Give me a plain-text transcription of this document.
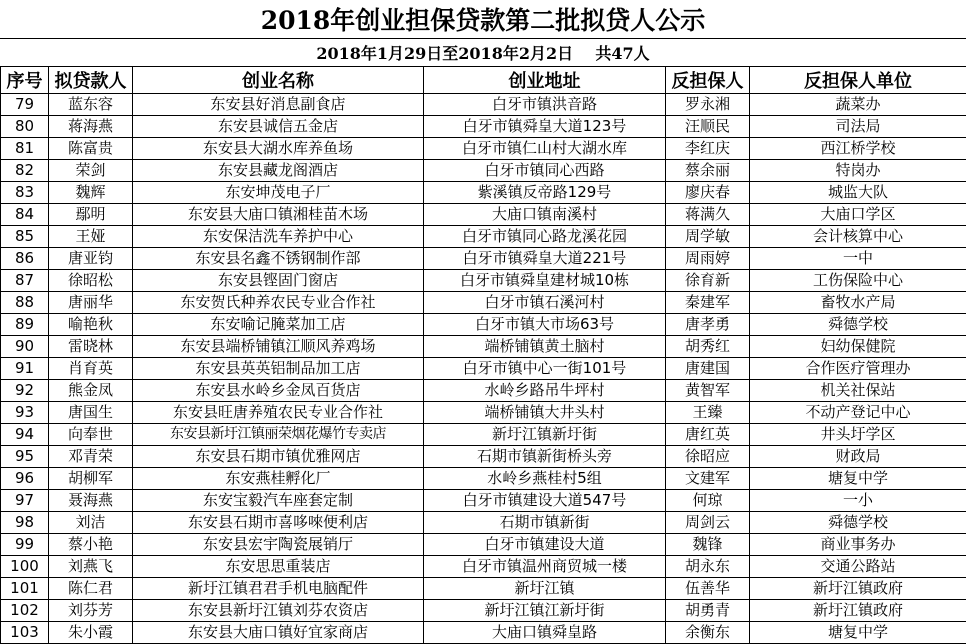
2018年创业担保贷款第二批拟贷人公示
2018年1月29日至2018年2月2日    共47人
序号	拟贷款人	创业名称	创业地址	反担保人	反担保人单位
79	蓝东容	东安县好消息副食店	白牙市镇洪音路	罗永湘	蔬菜办
80	蒋海燕	东安县诚信五金店	白牙市镇舜皇大道123号	汪顺民	司法局
81	陈富贵	东安县大湖水库养鱼场	白牙市镇仁山村大湖水库	李红庆	西江桥学校
82	荣剑	东安县藏龙阁酒店	白牙市镇同心西路	蔡余丽	特岗办
83	魏辉	东安坤茂电子厂	紫溪镇反帝路129号	廖庆春	城监大队
84	鄢明	东安县大庙口镇湘桂苗木场	大庙口镇南溪村	蒋满久	大庙口学区
85	王娅	东安保洁洗车养护中心	白牙市镇同心路龙溪花园	周学敏	会计核算中心
86	唐亚钧	东安县名鑫不锈钢制作部	白牙市镇舜皇大道221号	周雨婷	一中
87	徐昭松	东安县铿固门窗店	白牙市镇舜皇建材城10栋	徐育新	工伤保险中心
88	唐丽华	东安贺氏种养农民专业合作社	白牙市镇石溪河村	秦建军	畜牧水产局
89	喻艳秋	东安喻记腌菜加工店	白牙市镇大市场63号	唐孝勇	舜德学校
90	雷晓林	东安县端桥铺镇江顺风养鸡场	端桥铺镇黄土脑村	胡秀红	妇幼保健院
91	肖育英	东安县英英铝制品加工店	白牙市镇中心一街101号	唐建国	合作医疗管理办
92	熊金凤	东安县水岭乡金凤百货店	水岭乡路吊牛坪村	黄智军	机关社保站
93	唐国生	东安县旺唐养殖农民专业合作社	端桥铺镇大井头村	王臻	不动产登记中心
94	向奉世	东安县新圩江镇丽荣烟花爆竹专卖店	新圩江镇新圩街	唐红英	井头圩学区
95	邓青荣	东安县石期市镇优雅网店	石期市镇新街桥头旁	徐昭应	财政局
96	胡柳军	东安燕桂孵化厂	水岭乡燕桂村5组	文建军	塘复中学
97	聂海燕	东安宝毅汽车座套定制	白牙市镇建设大道547号	何琼	一小
98	刘洁	东安县石期市喜哆唻便利店	石期市镇新街	周剑云	舜德学校
99	蔡小艳	东安县宏宇陶瓷展销厅	白牙市镇建设大道	魏锋	商业事务办
100	刘燕飞	东安思思重装店	白牙市镇温州商贸城一楼	胡永东	交通公路站
101	陈仁君	新圩江镇君君手机电脑配件	新圩江镇	伍善华	新圩江镇政府
102	刘芬芳	东安县新圩江镇刘芬农资店	新圩江镇江新圩街	胡勇青	新圩江镇政府
103	朱小霞	东安县大庙口镇好宜家商店	大庙口镇舜皇路	余衡东	塘复中学
